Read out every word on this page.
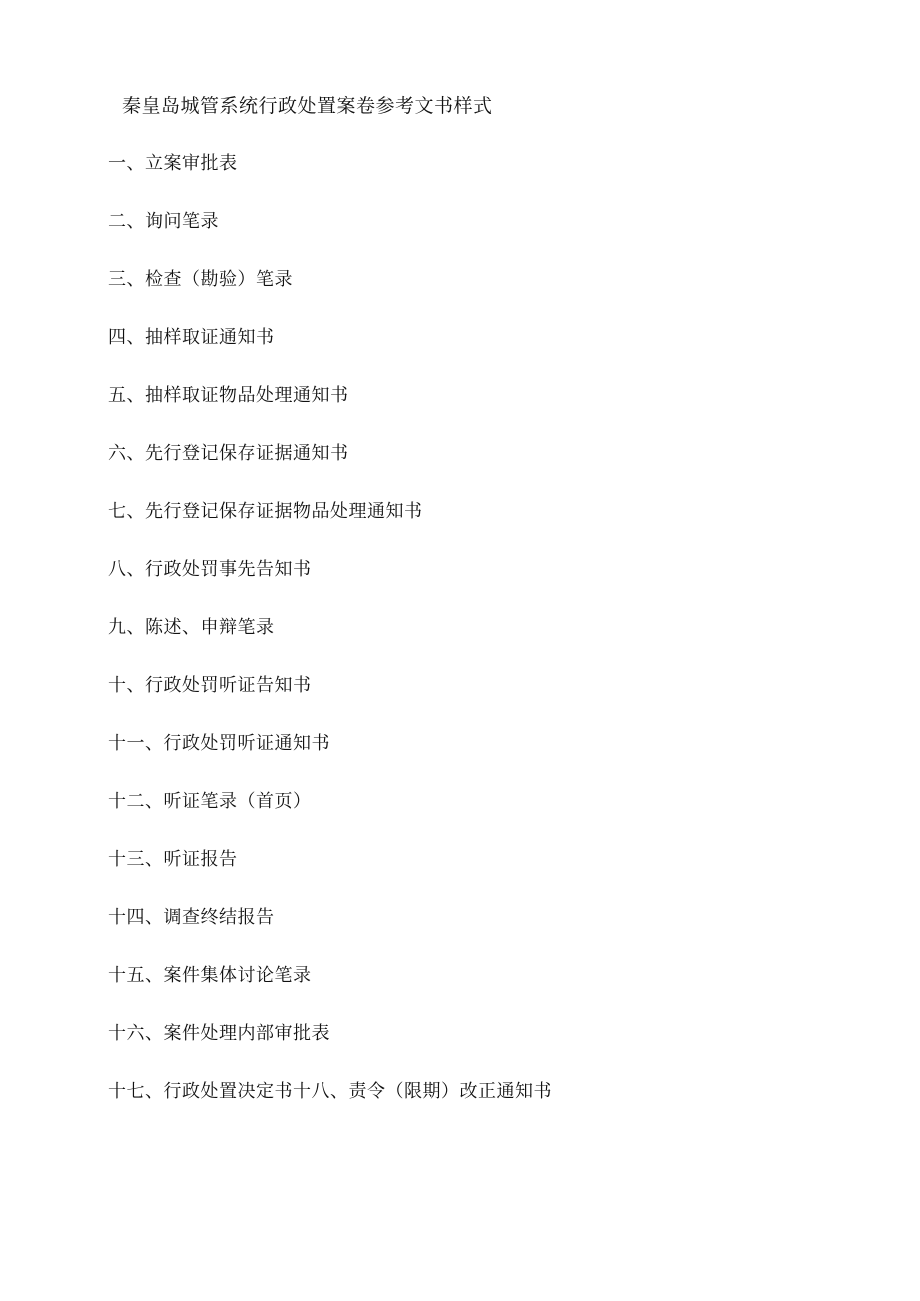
秦皇岛城管系统行政处置案卷参考文书样式
一、立案审批表
二、询问笔录
三、检查（勘验）笔录
四、抽样取证通知书
五、抽样取证物品处理通知书
六、先行登记保存证据通知书
七、先行登记保存证据物品处理通知书
八、行政处罚事先告知书
九、陈述、申辩笔录
十、行政处罚听证告知书
十一、行政处罚听证通知书
十二、听证笔录（首页）
十三、听证报告
十四、调查终结报告
十五、案件集体讨论笔录
十六、案件处理内部审批表
十七、行政处置决定书十八、责令（限期）改正通知书
